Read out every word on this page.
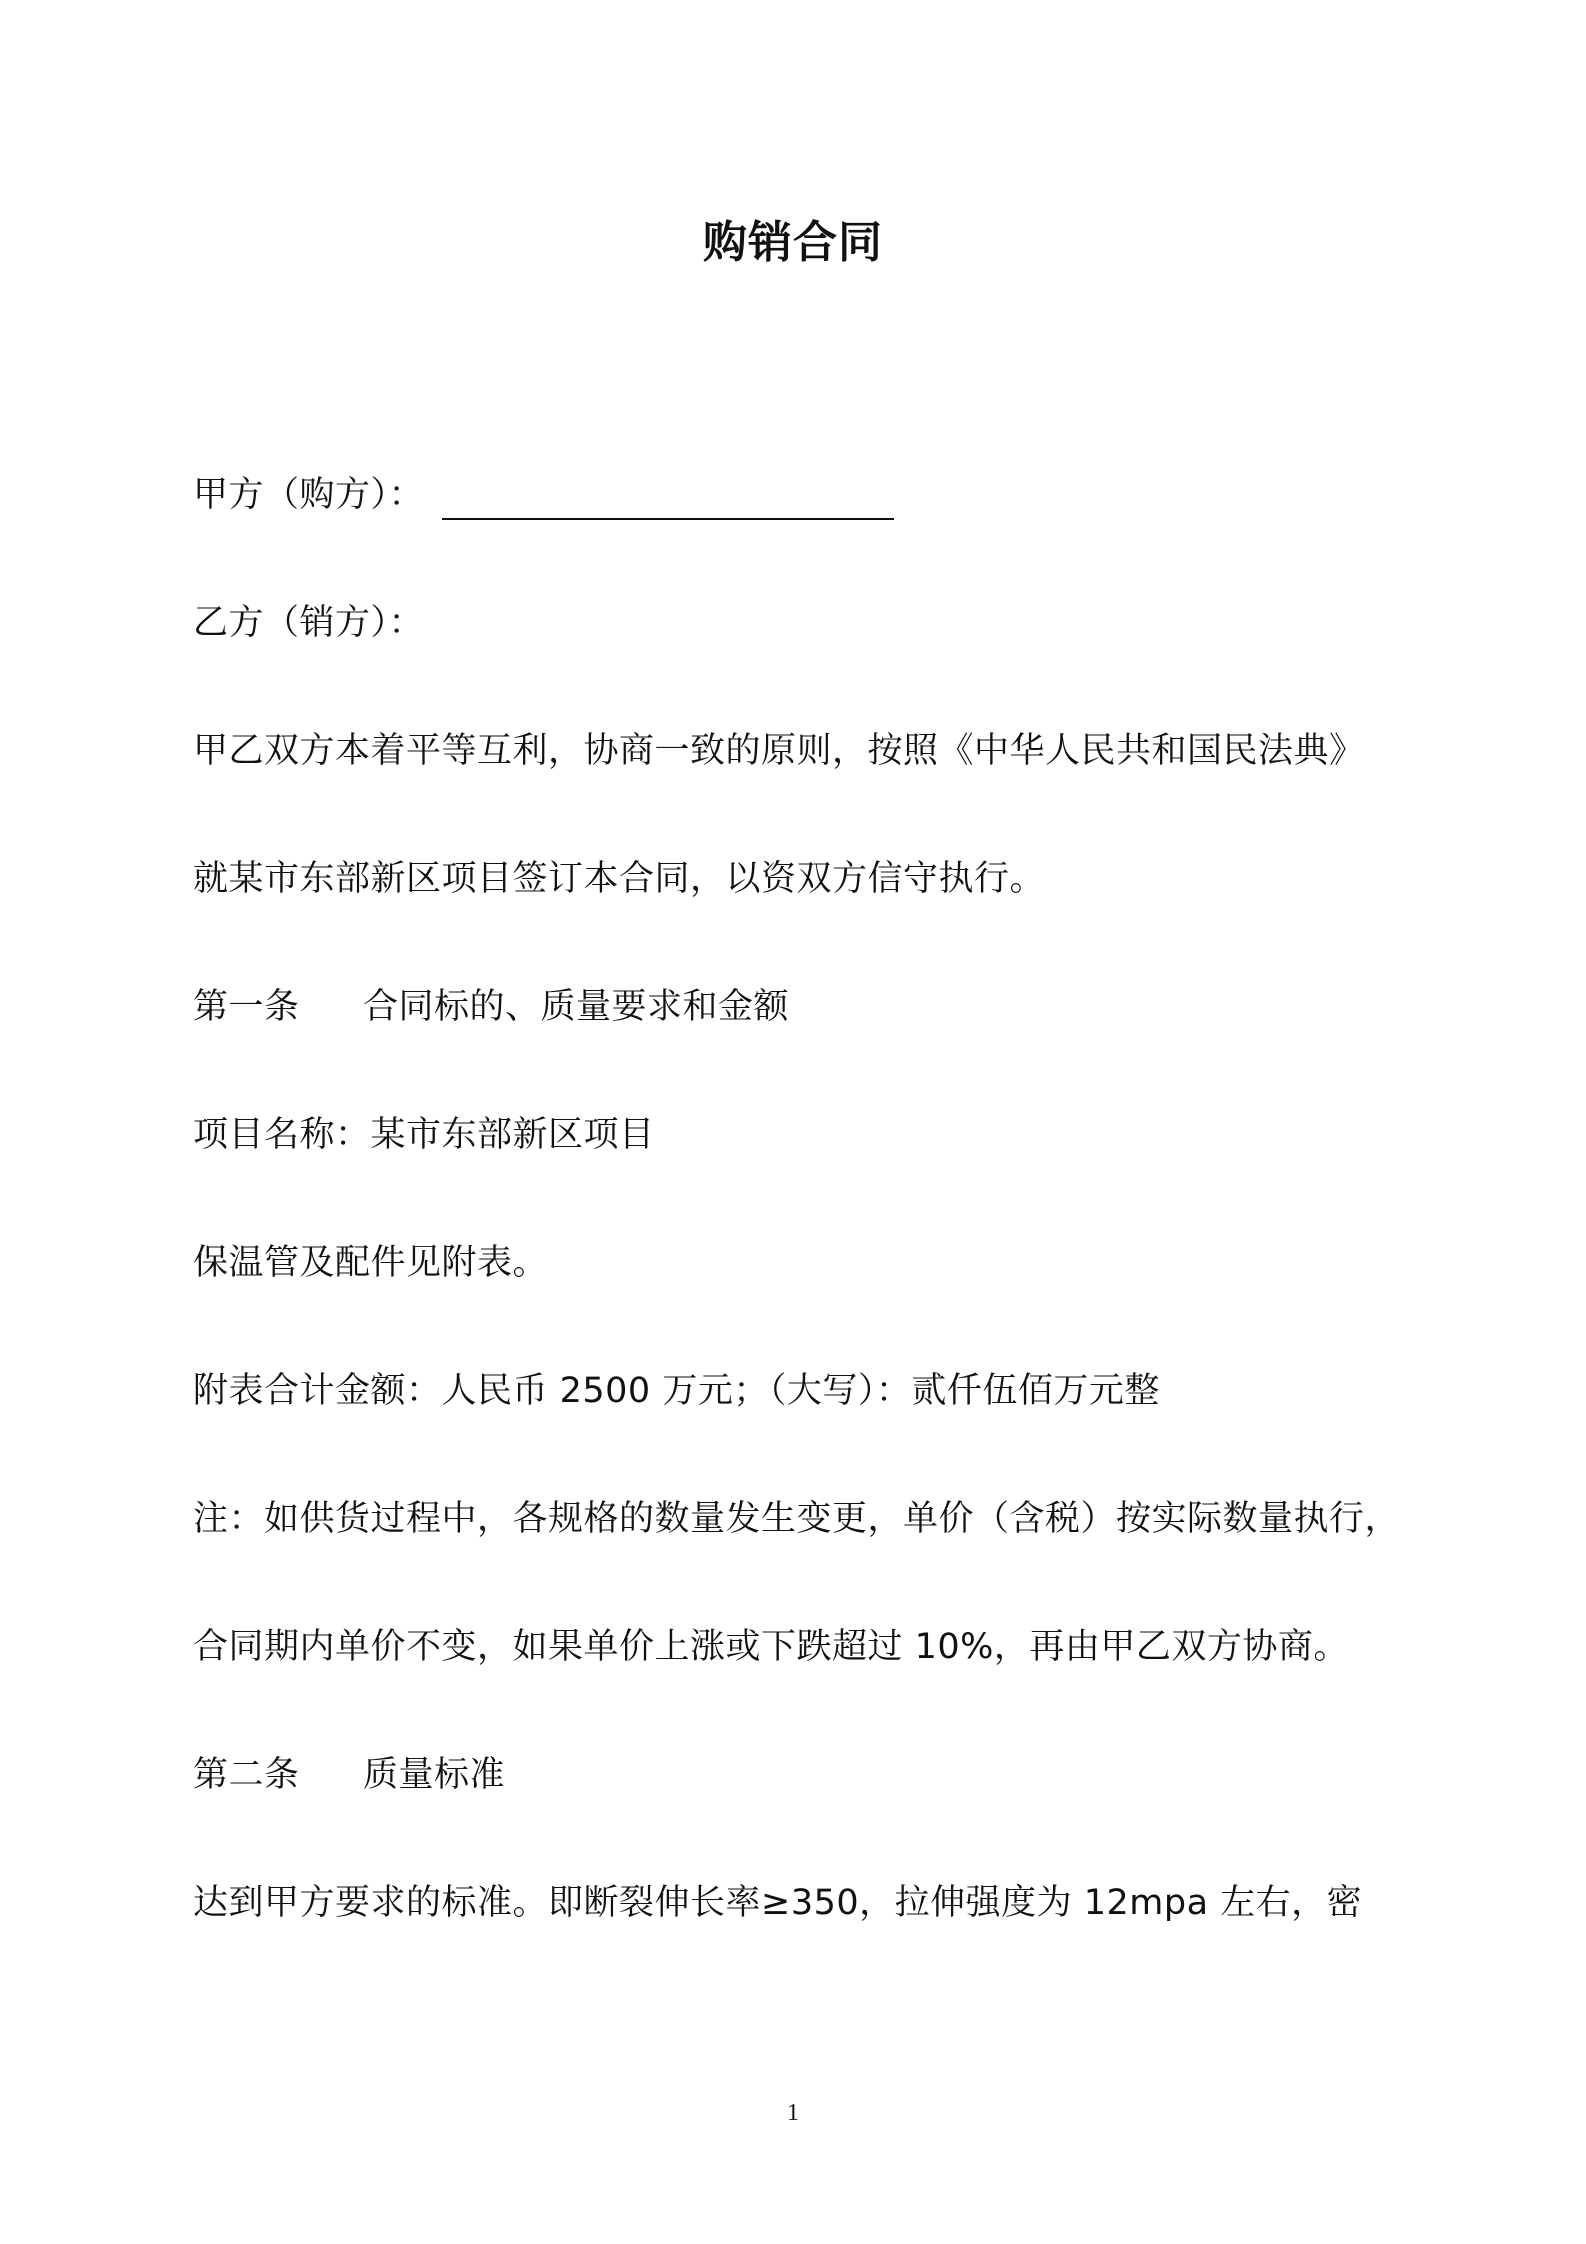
购销合同
甲方（购方）：
乙方（销方）：
甲乙双方本着平等互利，协商一致的原则，按照《中华人民共和国民法典》
就某市东部新区项目签订本合同，以资双方信守执行。
第一条 合同标的、质量要求和金额
项目名称：某市东部新区项目
保温管及配件见附表。
附表合计金额：人民币 2500 万元；（大写）：贰仟伍佰万元整
注：如供货过程中，各规格的数量发生变更，单价（含税）按实际数量执行，
合同期内单价不变，如果单价上涨或下跌超过 10%，再由甲乙双方协商。
第二条 质量标准
达到甲方要求的标准。即断裂伸长率≥350，拉伸强度为 12mpa 左右，密
1
